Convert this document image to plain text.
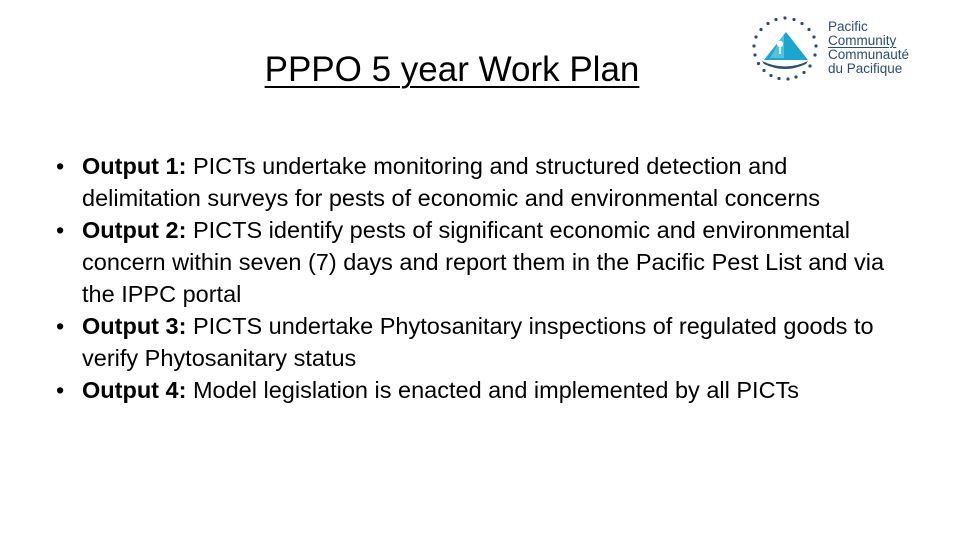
PPPO 5 year Work Plan
Pacific
Community
Communauté
du Pacifique
• Output 1: PICTs undertake monitoring and structured detection and delimitation surveys for pests of economic and environmental concerns
• Output 2: PICTS identify pests of significant economic and environmental concern within seven (7) days and report them in the Pacific Pest List and via the IPPC portal
• Output 3: PICTS undertake Phytosanitary inspections of regulated goods to verify Phytosanitary status
• Output 4: Model legislation is enacted and implemented by all PICTs
